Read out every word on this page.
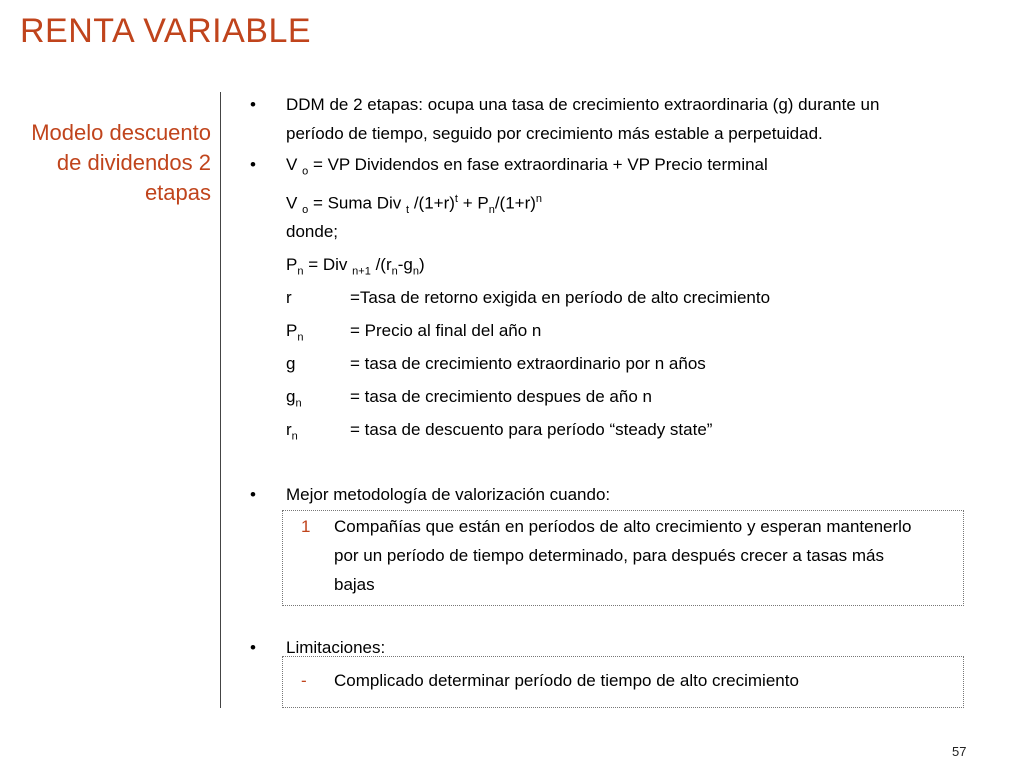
RENTA VARIABLE
Modelo descuento de dividendos 2 etapas
•	DDM de 2 etapas: ocupa una tasa de crecimiento extraordinaria (g) durante un
período de tiempo, seguido por crecimiento más estable a perpetuidad.
•	V $_o$ = VP Dividendos en fase extraordinaria + VP Precio terminal
V $_o$ = Suma Div $_t$ $/(1+r)^t + P_n/(1+r)^n$
donde;
$P_n$ = Div $_{n+1}$ $/(r_n-g_n)$
r	=Tasa de retorno exigida en período de alto crecimiento
$P_n$	= Precio al final del año n
g	= tasa de crecimiento extraordinario por n años
$g_n$	= tasa de crecimiento despues de año n
$r_n$	= tasa de descuento para período “steady state”
•	Mejor metodología de valorización cuando:
1 Compañías que están en períodos de alto crecimiento y esperan mantenerlo
por un período de tiempo determinado, para después crecer a tasas más
bajas
•	Limitaciones:
- Complicado determinar período de tiempo de alto crecimiento
57
